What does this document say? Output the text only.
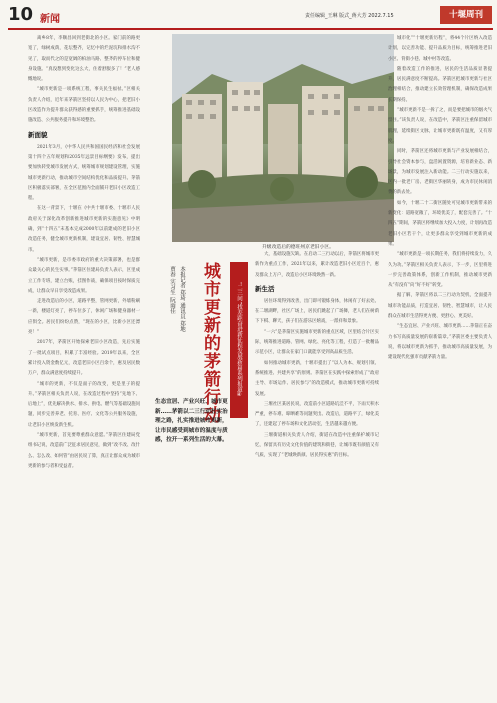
10 新闻	责任编辑_王琳 版式_蒋大芳 2022.7.15	十堰周刊

离乡8年，李顺昌回到老街北的小区。家门前的路更宽了，绿树成荫，花坛整齐，记忆中的烂泥坑和排水沟不见了，取而代之的是宽阔的柏油马路、整齐的停车位和健身设施。“真没想到变化这么大，住着舒服多了！”老人感慨地说。

“城市更新是一项系统工程，事关民生福祉。”区相关负责人介绍，近年来茅箭区坚持以人民为中心，把老旧小区改造作为提升群众获得感的重要抓手，统筹推进基础设施改造、公共服务提升和环境整治。

新面貌

2021年3月，《中华人民共和国国民经济和社会发展第十四个五年规划和2035年远景目标纲要》发布，提出要加快转变城市发展方式，统筹城市规划建设管理，实施城市更新行动，推动城市空间结构优化和品质提升。茅箭区积极落实部署，在全区范围内全面铺开老旧小区改造工程。

在这一背景下，十堰在《中共十堰市委、十堰市人民政府关于深化改革创新推进城市更新的实施意见》中明确，到“十四五”末基本完成2000年以前建成的老旧小区改造任务，健全城市更新机制，建设宜居、韧性、智慧城市。

“城市更新，是市委市政府的重大决策部署，也是群众最关心的民生实事。”茅箭区住建局负责人表示，区里成立工作专班，建立台账，挂图作战，确保项目按时保质完成，让群众早日享受改造成果。

走进改造后的小区，道路平整，管网更新，外墙粉刷一新，楼道灯亮了，停车位多了，休闲广场和健身器材一应俱全。居民们纷纷点赞，“现在的小区，比新小区还漂亮！”

2017年，茅箭区开始探索老旧小区改造，先后实施了一批试点项目，积累了丰富经验。2019年以来，全区累计投入资金数亿元，改造老旧小区百余个，惠及居民数万户，群众满意度持续提升。

“城市的更新，不仅是面子的改变，更是里子的提升。”茅箭区相关负责人说，在改造过程中坚持“先地下、后地上”，优先解决供水、排水、供电、燃气等基础设施问题，同步完善养老、托育、医疗、文化等公共服务设施，让老旧小区焕发新生机。

“城市更新，首先要尊重群众意愿。”茅箭区住建局党组书记说，改造前广泛征求居民意见，做到“改不改、改什么、怎么改、如何管”由居民说了算，真正让群众成为城市更新的参与者和受益者。

升级改造后的德旺州京老旧小区。
城市更新的茅箭行动	“二三问”找差距奋进新征程发展新篇系列报道④
本报记者 郑琦 通讯员 郑地
贾春 实习生 阮雨佳
生态宜居、产业兴旺、城市更新……茅箭以二三行动扛实治理之路，扎实推进城市更新，让市民感受到城市的温度与质感，拉开一系列生活的大幕。

大，基础设施欠缺。在启动二三行动以后，茅箭区将城市更新作为重点工作，2021年以来，累计改造老旧小区近百个，惠及群众上万户，改造后小区环境焕然一新。

新生活

居住环境得到改善，出门即可锻炼身体，休闲有了好去处。在二堰湖畔，社区广场上，居民们跳起了广场舞，老人们在树荫下下棋、聊天，孩子们在游乐区嬉戏，一派祥和景象。

“一六”是茅箭区实施城市更新的重点区域，区里结合片区实际，统筹推进道路、管网、绿化、亮化等工程，打造了一批精品示范小区，让群众在家门口就能享受到高品质生活。

如何推动城市更新，十堰市提出了“以人为本、规划引领、系统推进、共建共享”的原则。茅箭区在实践中探索形成了“政府主导、市场运作、居民参与”的改造模式，推动城市更新可持续发展。

三堰社区某居民说，改造前小区道路坑洼不平，下雨天积水严重，停车难、晾晒难等问题突出。改造后，道路平了，绿化美了，还建起了停车场和文化活动室，生活越来越方便。

三堰街道相关负责人介绍，街道在改造中注重保护城市记忆，保留具有历史文化价值的建筑和街巷，让城市既有颜值又有气质，实现了“老城焕新颜、居民得实惠”的目标。

城市化”“十堰更新历程”，将44个片区纳入改造计划，以完善功能、提升品质为目标，统筹推进老旧小区、背街小巷、城中村等改造。

随着改造工作的推进，居民的生活品质显著提升，居民满意度不断提高。茅箭区把城市更新与社区治理相结合，推动建立长效管理机制，确保改造成果长期保持。

“城市更新不是一拆了之，而是要把城市的烟火气留住。”该负责人说，在改造中，茅箭区注重保留城市肌理，延续街区文脉，让城市更新既有温度，又有厚度。

同时，茅箭区还将城市更新与产业发展相结合，引导社会资本参与，盘活闲置资源，培育新业态、新场景，为城市发展注入新动能。二三行动实施以来，区内一批老厂房、老街区华丽转身，成为市民休闲消费的新去处。

如今，十堰二十二街区随处可见城市更新带来的新变化：道路宽敞了，环境优美了，配套完善了。“十四五”期间，茅箭区将继续加大投入力度，计划再改造老旧小区若干个，让更多群众享受到城市更新的成果。

“城市更新是一项长期任务，我们将持续发力，久久为功。”茅箭区相关负责人表示，下一步，区里将进一步完善政策体系，创新工作机制，推动城市更新从“有没有”向“好不好”转变。

据了解，茅箭区将以二三行动为契机，全面提升城市功能品质，打造宜居、韧性、智慧城市，让人民群众在城市生活得更方便、更舒心、更美好。

“生态宜居、产业兴旺、城市更新……茅箭正在奋力书写高质量发展的崭新篇章。”茅箭区委主要负责人说，将以城市更新为抓手，推动城市高质量发展，为建设现代化强市贡献茅箭力量。
